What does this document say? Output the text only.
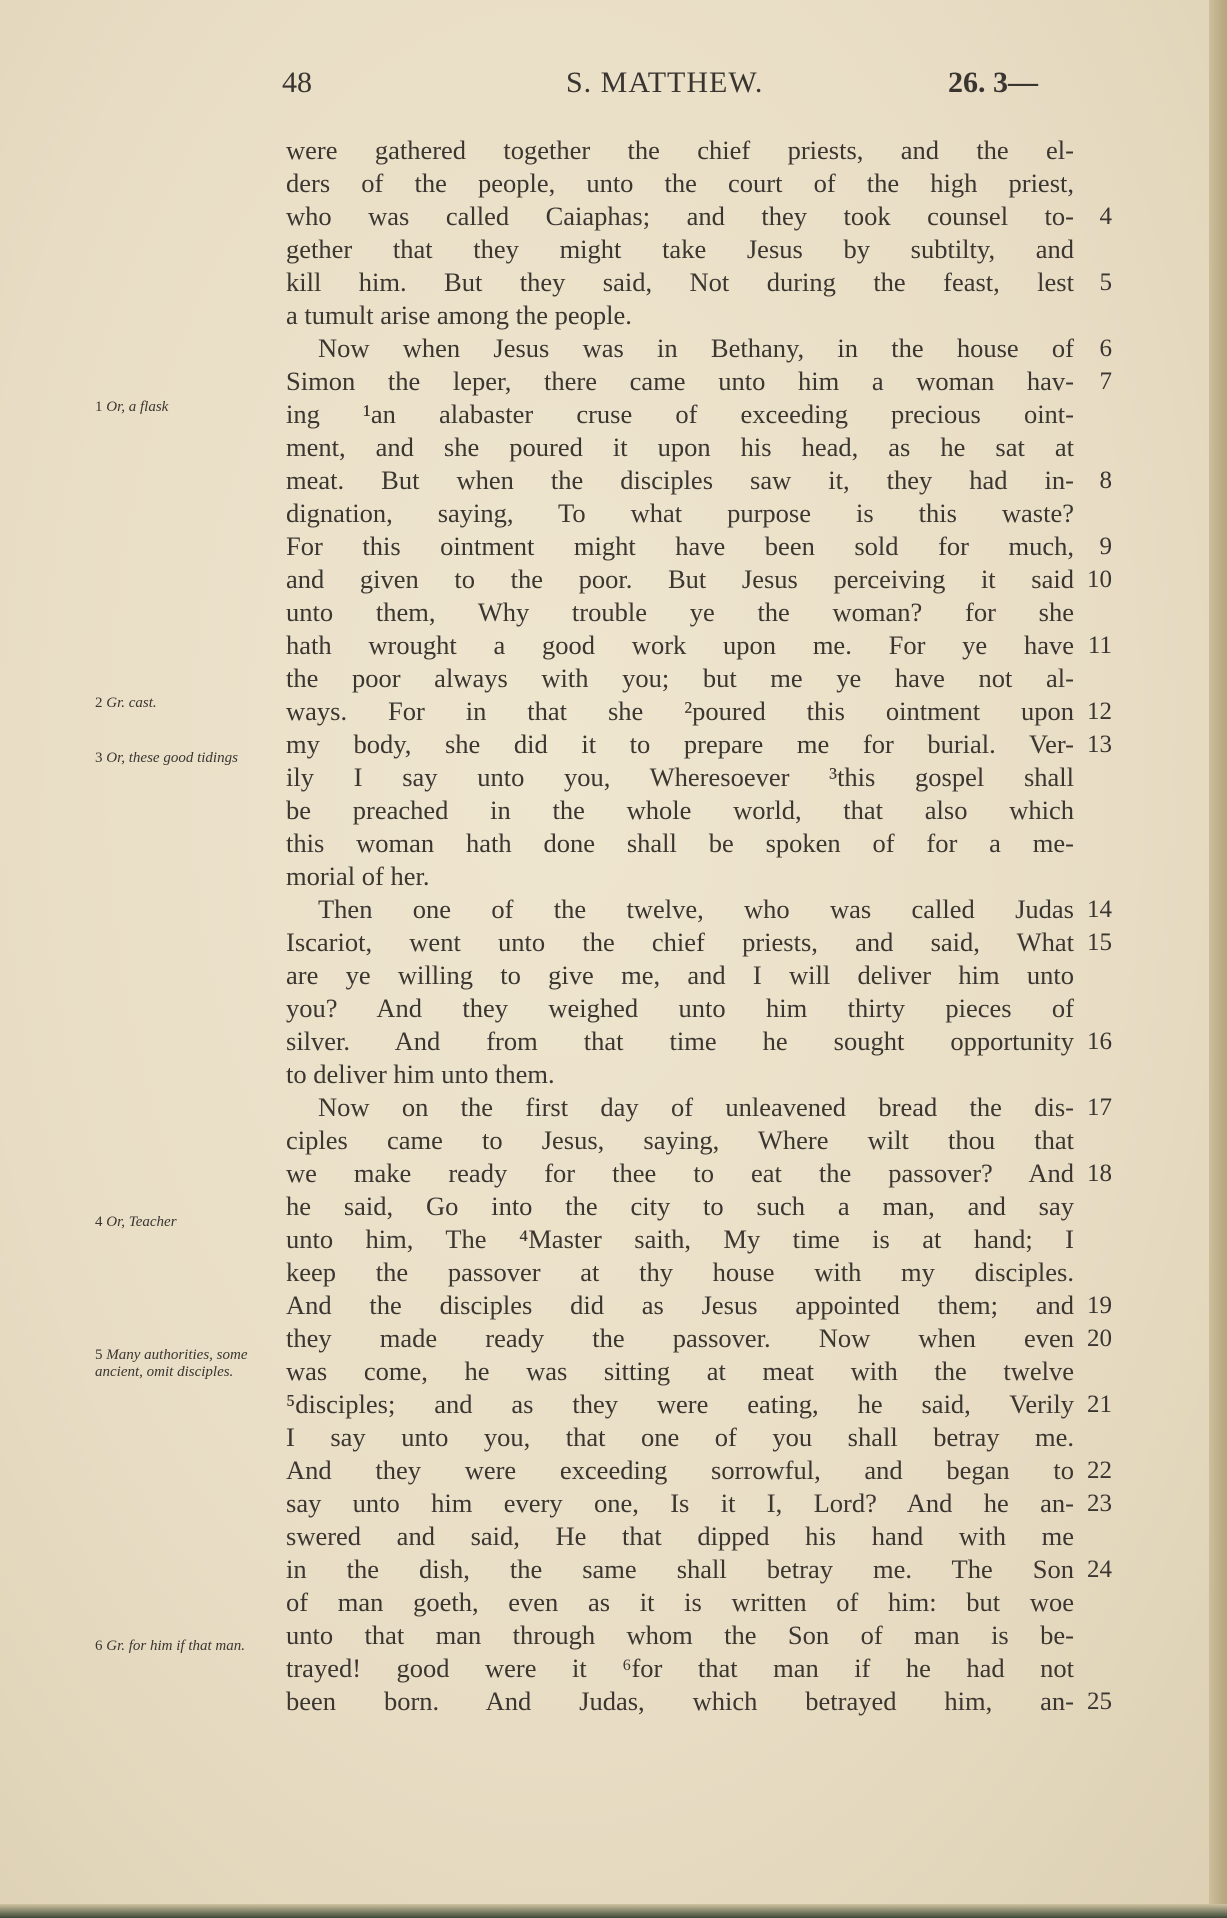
48	S. MATTHEW.	26. 3—
were gathered together the chief priests, and the el-
ders of the people, unto the court of the high priest,
who was called Caiaphas; and they took counsel to-	4
gether that they might take Jesus by subtilty, and
kill him. But they said, Not during the feast, lest	5
a tumult arise among the people.
Now when Jesus was in Bethany, in the house of	6
Simon the leper, there came unto him a woman hav-	7
ing ¹an alabaster cruse of exceeding precious oint-
ment, and she poured it upon his head, as he sat at
meat. But when the disciples saw it, they had in-	8
dignation, saying, To what purpose is this waste?
For this ointment might have been sold for much,	9
and given to the poor. But Jesus perceiving it said 10
unto them, Why trouble ye the woman? for she
hath wrought a good work upon me. For ye have 11
the poor always with you; but me ye have not al-
ways. For in that she ²poured this ointment upon 12
my body, she did it to prepare me for burial. Ver- 13
ily I say unto you, Wheresoever ³this gospel shall
be preached in the whole world, that also which
this woman hath done shall be spoken of for a me-
morial of her.
Then one of the twelve, who was called Judas 14
Iscariot, went unto the chief priests, and said, What 15
are ye willing to give me, and I will deliver him unto
you? And they weighed unto him thirty pieces of
silver. And from that time he sought opportunity 16
to deliver him unto them.
Now on the first day of unleavened bread the dis- 17
ciples came to Jesus, saying, Where wilt thou that
we make ready for thee to eat the passover? And 18
he said, Go into the city to such a man, and say
unto him, The ⁴Master saith, My time is at hand; I
keep the passover at thy house with my disciples.
And the disciples did as Jesus appointed them; and 19
they made ready the passover. Now when even 20
was come, he was sitting at meat with the twelve
⁵disciples; and as they were eating, he said, Verily 21
I say unto you, that one of you shall betray me.
And they were exceeding sorrowful, and began to 22
say unto him every one, Is it I, Lord? And he an- 23
swered and said, He that dipped his hand with me
in the dish, the same shall betray me. The Son 24
of man goeth, even as it is written of him: but woe
unto that man through whom the Son of man is be-
trayed! good were it ⁶for that man if he had not
been born. And Judas, which betrayed him, an- 25
1 Or, a flask
2 Gr. cast.
3 Or, these good tidings
4 Or, Teacher
5 Many authorities, some ancient, omit disciples.
6 Gr. for him if that man.
